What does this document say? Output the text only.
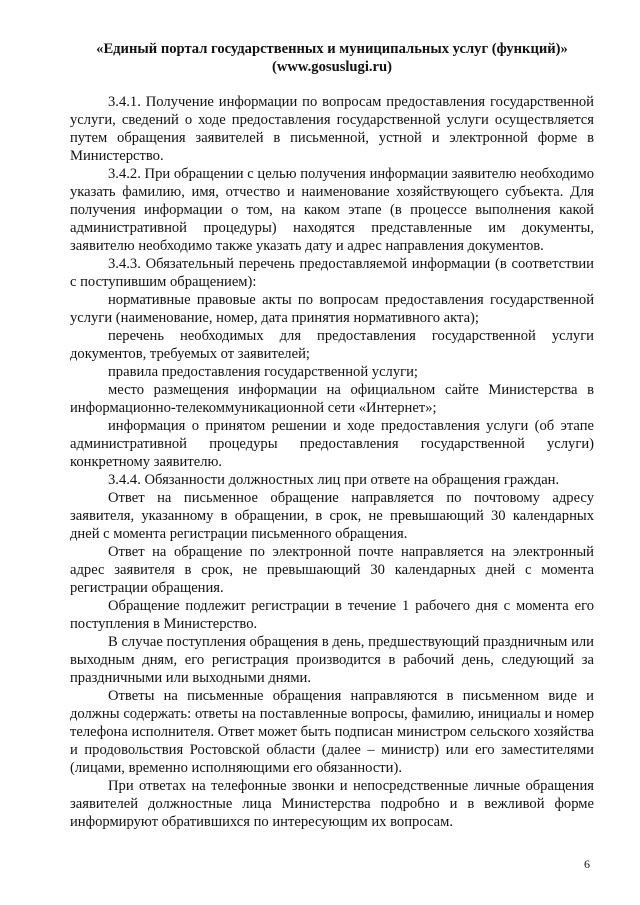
«Единый портал государственных и муниципальных услуг (функций)»
(www.gosuslugi.ru)

3.4.1. Получение информации по вопросам предоставления государственной услуги, сведений о ходе предоставления государственной услуги осуществляется путем обращения заявителей в письменной, устной и электронной форме в Министерство.

3.4.2. При обращении с целью получения информации заявителю необходимо указать фамилию, имя, отчество и наименование хозяйствующего субъекта. Для получения информации о том, на каком этапе (в процессе выполнения какой административной процедуры) находятся представленные им документы, заявителю необходимо также указать дату и адрес направления документов.

3.4.3. Обязательный перечень предоставляемой информации (в соответствии с поступившим обращением):

нормативные правовые акты по вопросам предоставления государственной услуги (наименование, номер, дата принятия нормативного акта);

перечень необходимых для предоставления государственной услуги документов, требуемых от заявителей;

правила предоставления государственной услуги;

место размещения информации на официальном сайте Министерства в информационно-телекоммуникационной сети «Интернет»;

информация о принятом решении и ходе предоставления услуги (об этапе административной процедуры предоставления государственной услуги) конкретному заявителю.

3.4.4. Обязанности должностных лиц при ответе на обращения граждан.

Ответ на письменное обращение направляется по почтовому адресу заявителя, указанному в обращении, в срок, не превышающий 30 календарных дней с момента регистрации письменного обращения.

Ответ на обращение по электронной почте направляется на электронный адрес заявителя в срок, не превышающий 30 календарных дней с момента регистрации обращения.

Обращение подлежит регистрации в течение 1 рабочего дня с момента его поступления в Министерство.

В случае поступления обращения в день, предшествующий праздничным или выходным дням, его регистрация производится в рабочий день, следующий за праздничными или выходными днями.

Ответы на письменные обращения направляются в письменном виде и должны содержать: ответы на поставленные вопросы, фамилию, инициалы и номер телефона исполнителя. Ответ может быть подписан министром сельского хозяйства и продовольствия Ростовской области (далее – министр) или его заместителями (лицами, временно исполняющими его обязанности).

При ответах на телефонные звонки и непосредственные личные обращения заявителей должностные лица Министерства подробно и в вежливой форме информируют обратившихся по интересующим их вопросам.

6
